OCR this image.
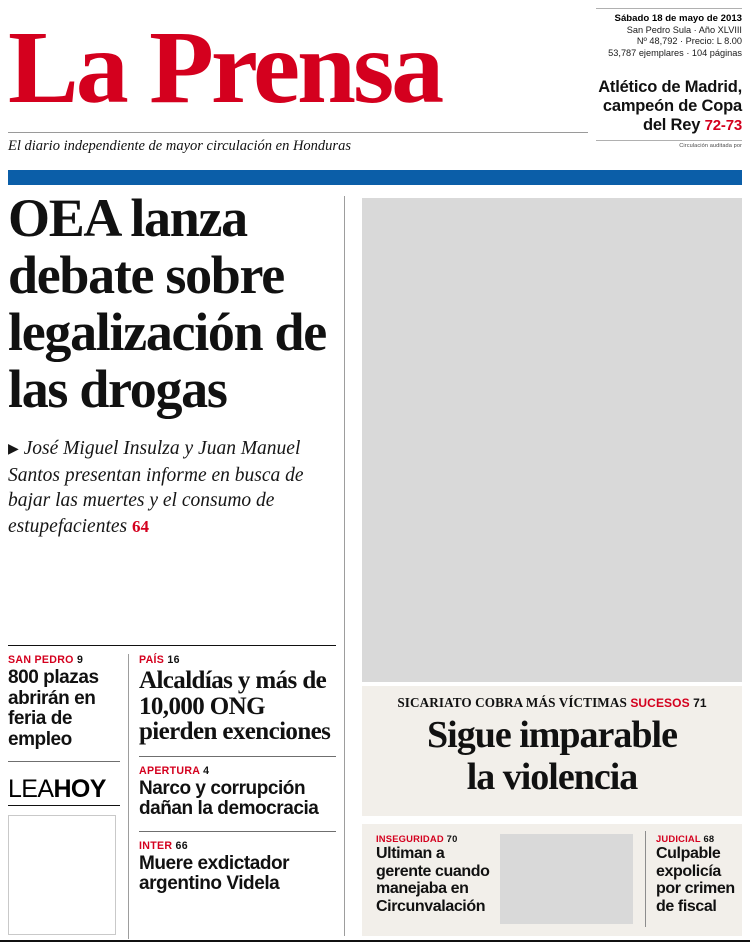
La Prensa
El diario independiente de mayor circulación en Honduras
Sábado 18 de mayo de 2013
San Pedro Sula · Año XLVIII
Nº 48,792 · Precio: L 8.00
53,787 ejemplares · 104 páginas
Atlético de Madrid,
campeón de Copa
del Rey 72-73
Circulación auditada por
OEA lanza debate sobre legalización de las drogas
▶ José Miguel Insulza y Juan Manuel Santos presentan informe en busca de bajar las muertes y el consumo de estupefacientes 64
SAN PEDRO 9
800 plazas abrirán en feria de empleo
LEAHOY
PAÍS 16
Alcaldías y más de 10,000 ONG pierden exenciones
APERTURA 4
Narco y corrupción dañan la democracia
INTER 66
Muere exdictador argentino Videla
SICARIATO COBRA MÁS VÍCTIMAS SUCESOS 71
Sigue imparable
la violencia
INSEGURIDAD 70
Ultiman a gerente cuando manejaba en Circunvalación
JUDICIAL 68
Culpable expolicía por crimen de fiscal
